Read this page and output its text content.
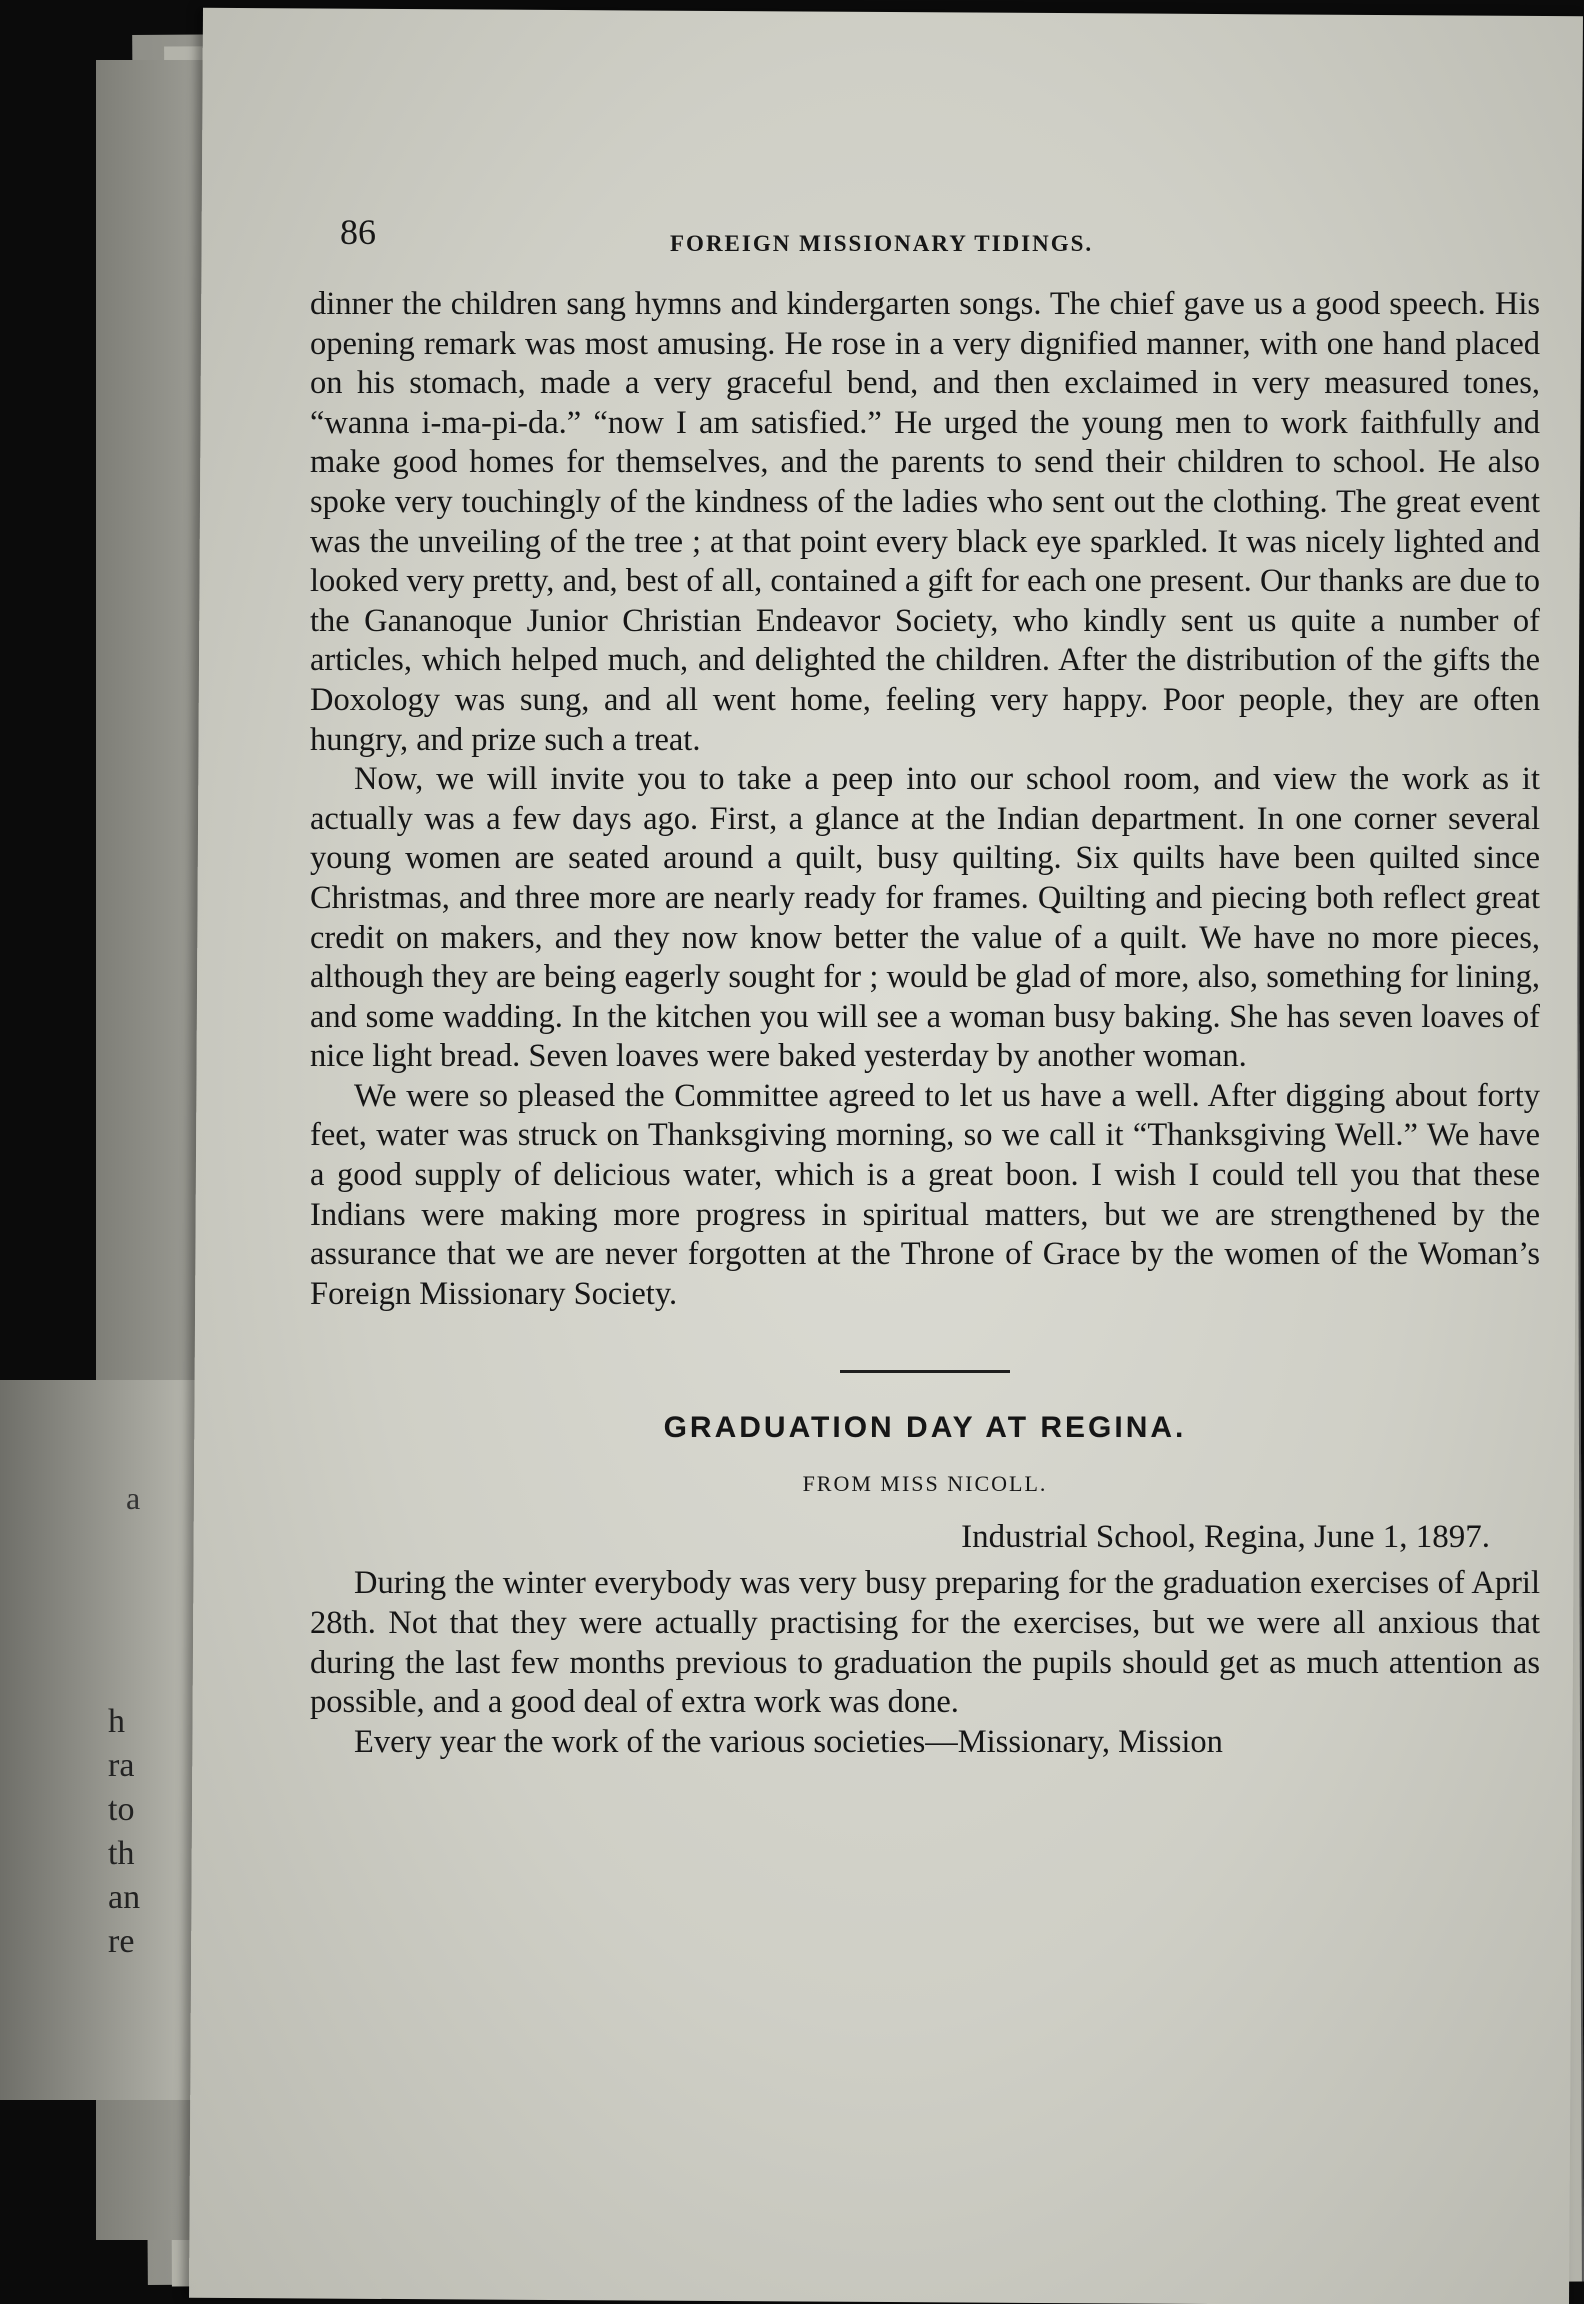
a
h
ra
to
th
an
re
86	FOREIGN MISSIONARY TIDINGS.

dinner the children sang hymns and kindergarten songs. The chief gave us a good speech. His opening remark was most amusing. He rose in a very dignified manner, with one hand placed on his stomach, made a very graceful bend, and then exclaimed in very measured tones, “wanna i-ma-pi-da.” “now I am satisfied.” He urged the young men to work faithfully and make good homes for themselves, and the parents to send their children to school. He also spoke very touchingly of the kindness of the ladies who sent out the clothing. The great event was the unveiling of the tree ; at that point every black eye sparkled. It was nicely lighted and looked very pretty, and, best of all, contained a gift for each one present. Our thanks are due to the Gananoque Junior Christian Endeavor Society, who kindly sent us quite a number of articles, which helped much, and delighted the children. After the distribution of the gifts the Doxology was sung, and all went home, feeling very happy. Poor people, they are often hungry, and prize such a treat.

Now, we will invite you to take a peep into our school room, and view the work as it actually was a few days ago. First, a glance at the Indian department. In one corner several young women are seated around a quilt, busy quilting. Six quilts have been quilted since Christmas, and three more are nearly ready for frames. Quilting and piecing both reflect great credit on makers, and they now know better the value of a quilt. We have no more pieces, although they are being eagerly sought for ; would be glad of more, also, something for lining, and some wadding. In the kitchen you will see a woman busy baking. She has seven loaves of nice light bread. Seven loaves were baked yesterday by another woman.

We were so pleased the Committee agreed to let us have a well. After digging about forty feet, water was struck on Thanksgiving morning, so we call it “Thanksgiving Well.” We have a good supply of delicious water, which is a great boon. I wish I could tell you that these Indians were making more progress in spiritual matters, but we are strengthened by the assurance that we are never forgotten at the Throne of Grace by the women of the Woman’s Foreign Missionary Society.

GRADUATION DAY AT REGINA.
FROM MISS NICOLL.
Industrial School, Regina, June 1, 1897.

During the winter everybody was very busy preparing for the graduation exercises of April 28th. Not that they were actually practising for the exercises, but we were all anxious that during the last few months previous to graduation the pupils should get as much attention as possible, and a good deal of extra work was done.

Every year the work of the various societies—Missionary, Mission
